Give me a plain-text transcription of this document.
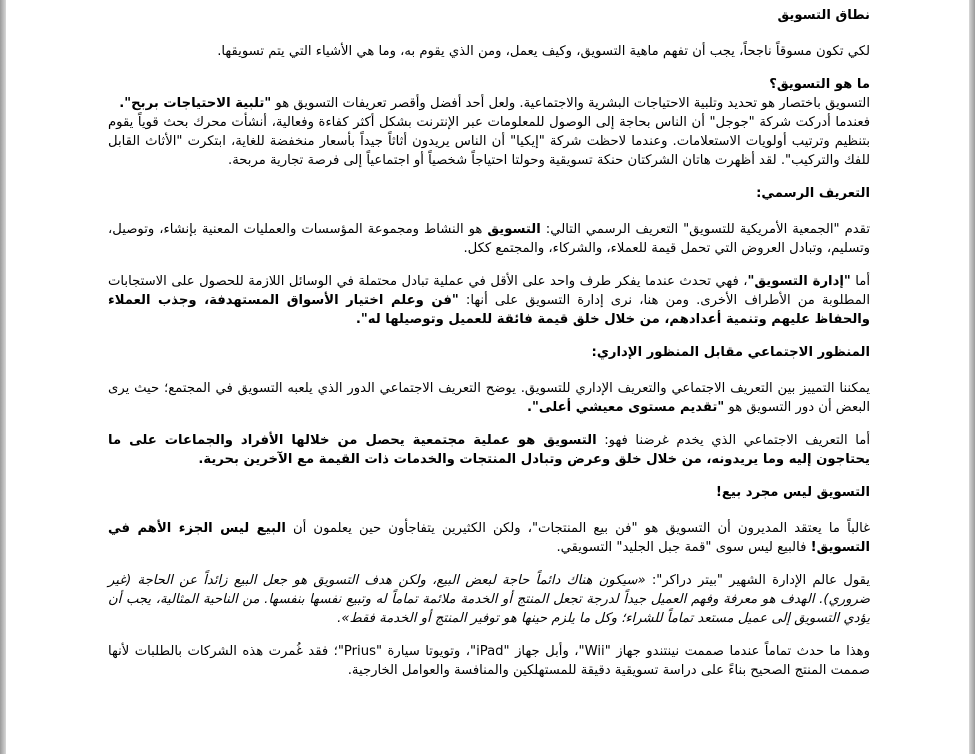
نطاق التسويق

لكي تكون مسوقاً ناجحاً، يجب أن تفهم ماهية التسويق، وكيف يعمل، ومن الذي يقوم به، وما هي الأشياء التي يتم تسويقها.

ما هو التسويق؟

التسويق باختصار هو تحديد وتلبية الاحتياجات البشرية والاجتماعية. ولعل أحد أفضل وأقصر تعريفات التسويق هو "تلبية الاحتياجات بربح".

فعندما أدركت شركة "جوجل" أن الناس بحاجة إلى الوصول للمعلومات عبر الإنترنت بشكل أكثر كفاءة وفعالية، أنشأت محرك بحث قوياً يقوم بتنظيم وترتيب أولويات الاستعلامات. وعندما لاحظت شركة "إيكيا" أن الناس يريدون أثاثاً جيداً بأسعار منخفضة للغاية، ابتكرت "الأثاث القابل للفك والتركيب". لقد أظهرت هاتان الشركتان حنكة تسويقية وحولتا احتياجاً شخصياً أو اجتماعياً إلى فرصة تجارية مربحة.

التعريف الرسمي:

تقدم "الجمعية الأمريكية للتسويق" التعريف الرسمي التالي: التسويق هو النشاط ومجموعة المؤسسات والعمليات المعنية بإنشاء، وتوصيل، وتسليم، وتبادل العروض التي تحمل قيمة للعملاء، والشركاء، والمجتمع ككل.

أما "إدارة التسويق"، فهي تحدث عندما يفكر طرف واحد على الأقل في عملية تبادل محتملة في الوسائل اللازمة للحصول على الاستجابات المطلوبة من الأطراف الأخرى. ومن هنا، نرى إدارة التسويق على أنها: "فن وعلم اختيار الأسواق المستهدفة، وجذب العملاء والحفاظ عليهم وتنمية أعدادهم، من خلال خلق قيمة فائقة للعميل وتوصيلها له".

المنظور الاجتماعي مقابل المنظور الإداري:

يمكننا التمييز بين التعريف الاجتماعي والتعريف الإداري للتسويق. يوضح التعريف الاجتماعي الدور الذي يلعبه التسويق في المجتمع؛ حيث يرى البعض أن دور التسويق هو "تقديم مستوى معيشي أعلى".

أما التعريف الاجتماعي الذي يخدم غرضنا فهو: التسويق هو عملية مجتمعية يحصل من خلالها الأفراد والجماعات على ما يحتاجون إليه وما يريدونه، من خلال خلق وعرض وتبادل المنتجات والخدمات ذات القيمة مع الآخرين بحرية.

التسويق ليس مجرد بيع!

غالباً ما يعتقد المديرون أن التسويق هو "فن بيع المنتجات"، ولكن الكثيرين يتفاجأون حين يعلمون أن البيع ليس الجزء الأهم في التسويق! فالبيع ليس سوى "قمة جبل الجليد" التسويقي.

يقول عالم الإدارة الشهير "بيتر دراكر": «سيكون هناك دائماً حاجة لبعض البيع، ولكن هدف التسويق هو جعل البيع زائداً عن الحاجة (غير ضروري). الهدف هو معرفة وفهم العميل جيداً لدرجة تجعل المنتج أو الخدمة ملائمة تماماً له وتبيع نفسها بنفسها. من الناحية المثالية، يجب أن يؤدي التسويق إلى عميل مستعد تماماً للشراء؛ وكل ما يلزم حينها هو توفير المنتج أو الخدمة فقط».

وهذا ما حدث تماماً عندما صممت نينتندو جهاز "Wii"، وأبل جهاز "iPad"، وتويوتا سيارة "Prius"؛ فقد غُمرت هذه الشركات بالطلبات لأنها صممت المنتج الصحيح بناءً على دراسة تسويقية دقيقة للمستهلكين والمنافسة والعوامل الخارجية.
